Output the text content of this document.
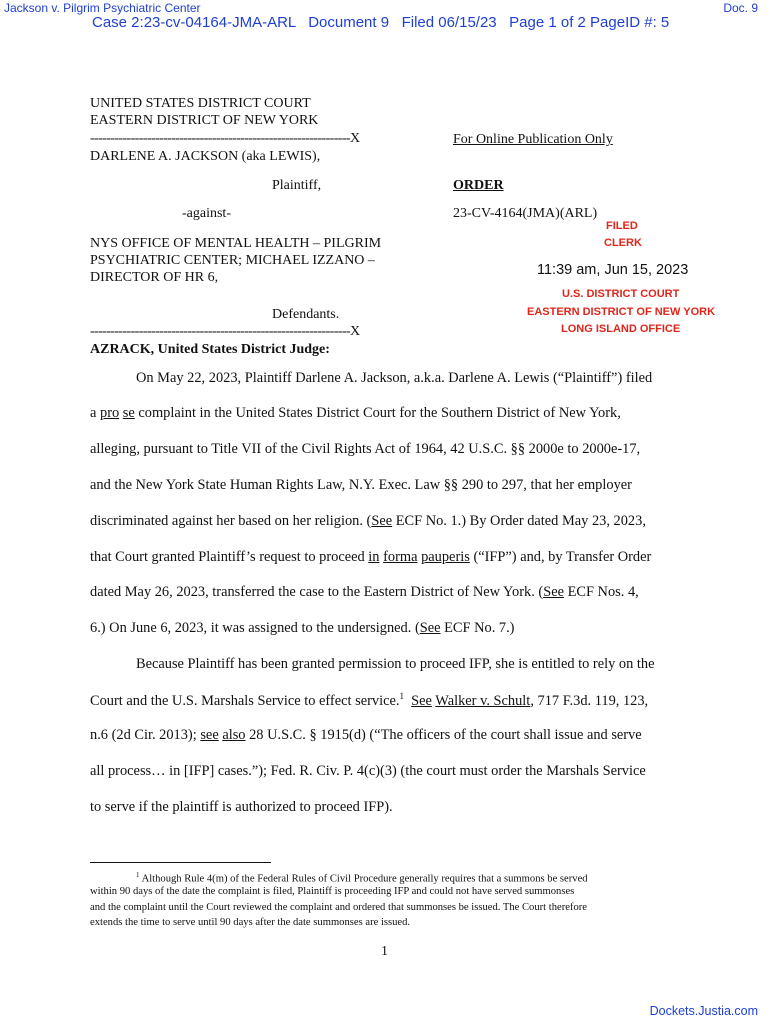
Jackson v. Pilgrim Psychiatric Center	Doc. 9
Case 2:23-cv-04164-JMA-ARL   Document 9   Filed 06/15/23   Page 1 of 2 PageID #: 5
UNITED STATES DISTRICT COURT
EASTERN DISTRICT OF NEW YORK
----------------------------------------------------------------X
DARLENE A. JACKSON (aka LEWIS),
Plaintiff,
-against-
NYS OFFICE OF MENTAL HEALTH – PILGRIM
PSYCHIATRIC CENTER; MICHAEL IZZANO –
DIRECTOR OF HR 6,
Defendants.
----------------------------------------------------------------X
For Online Publication Only
ORDER
23-CV-4164(JMA)(ARL)
FILED
CLERK
11:39 am, Jun 15, 2023
U.S. DISTRICT COURT
EASTERN DISTRICT OF NEW YORK
LONG ISLAND OFFICE
AZRACK, United States District Judge:
On May 22, 2023, Plaintiff Darlene A. Jackson, a.k.a. Darlene A. Lewis (“Plaintiff”) filed
a pro se complaint in the United States District Court for the Southern District of New York,
alleging, pursuant to Title VII of the Civil Rights Act of 1964, 42 U.S.C. §§ 2000e to 2000e-17,
and the New York State Human Rights Law, N.Y. Exec. Law §§ 290 to 297, that her employer
discriminated against her based on her religion. (See ECF No. 1.) By Order dated May 23, 2023,
that Court granted Plaintiff’s request to proceed in forma pauperis (“IFP”) and, by Transfer Order
dated May 26, 2023, transferred the case to the Eastern District of New York. (See ECF Nos. 4,
6.) On June 6, 2023, it was assigned to the undersigned. (See ECF No. 7.)
Because Plaintiff has been granted permission to proceed IFP, she is entitled to rely on the
Court and the U.S. Marshals Service to effect service.$^1$ See Walker v. Schult, 717 F.3d. 119, 123,
n.6 (2d Cir. 2013); see also 28 U.S.C. § 1915(d) (“The officers of the court shall issue and serve
all process… in [IFP] cases.”); Fed. R. Civ. P. 4(c)(3) (the court must order the Marshals Service
to serve if the plaintiff is authorized to proceed IFP).
$^1$ Although Rule 4(m) of the Federal Rules of Civil Procedure generally requires that a summons be served
within 90 days of the date the complaint is filed, Plaintiff is proceeding IFP and could not have served summonses
and the complaint until the Court reviewed the complaint and ordered that summonses be issued. The Court therefore
extends the time to serve until 90 days after the date summonses are issued.
1
Dockets.Justia.com
